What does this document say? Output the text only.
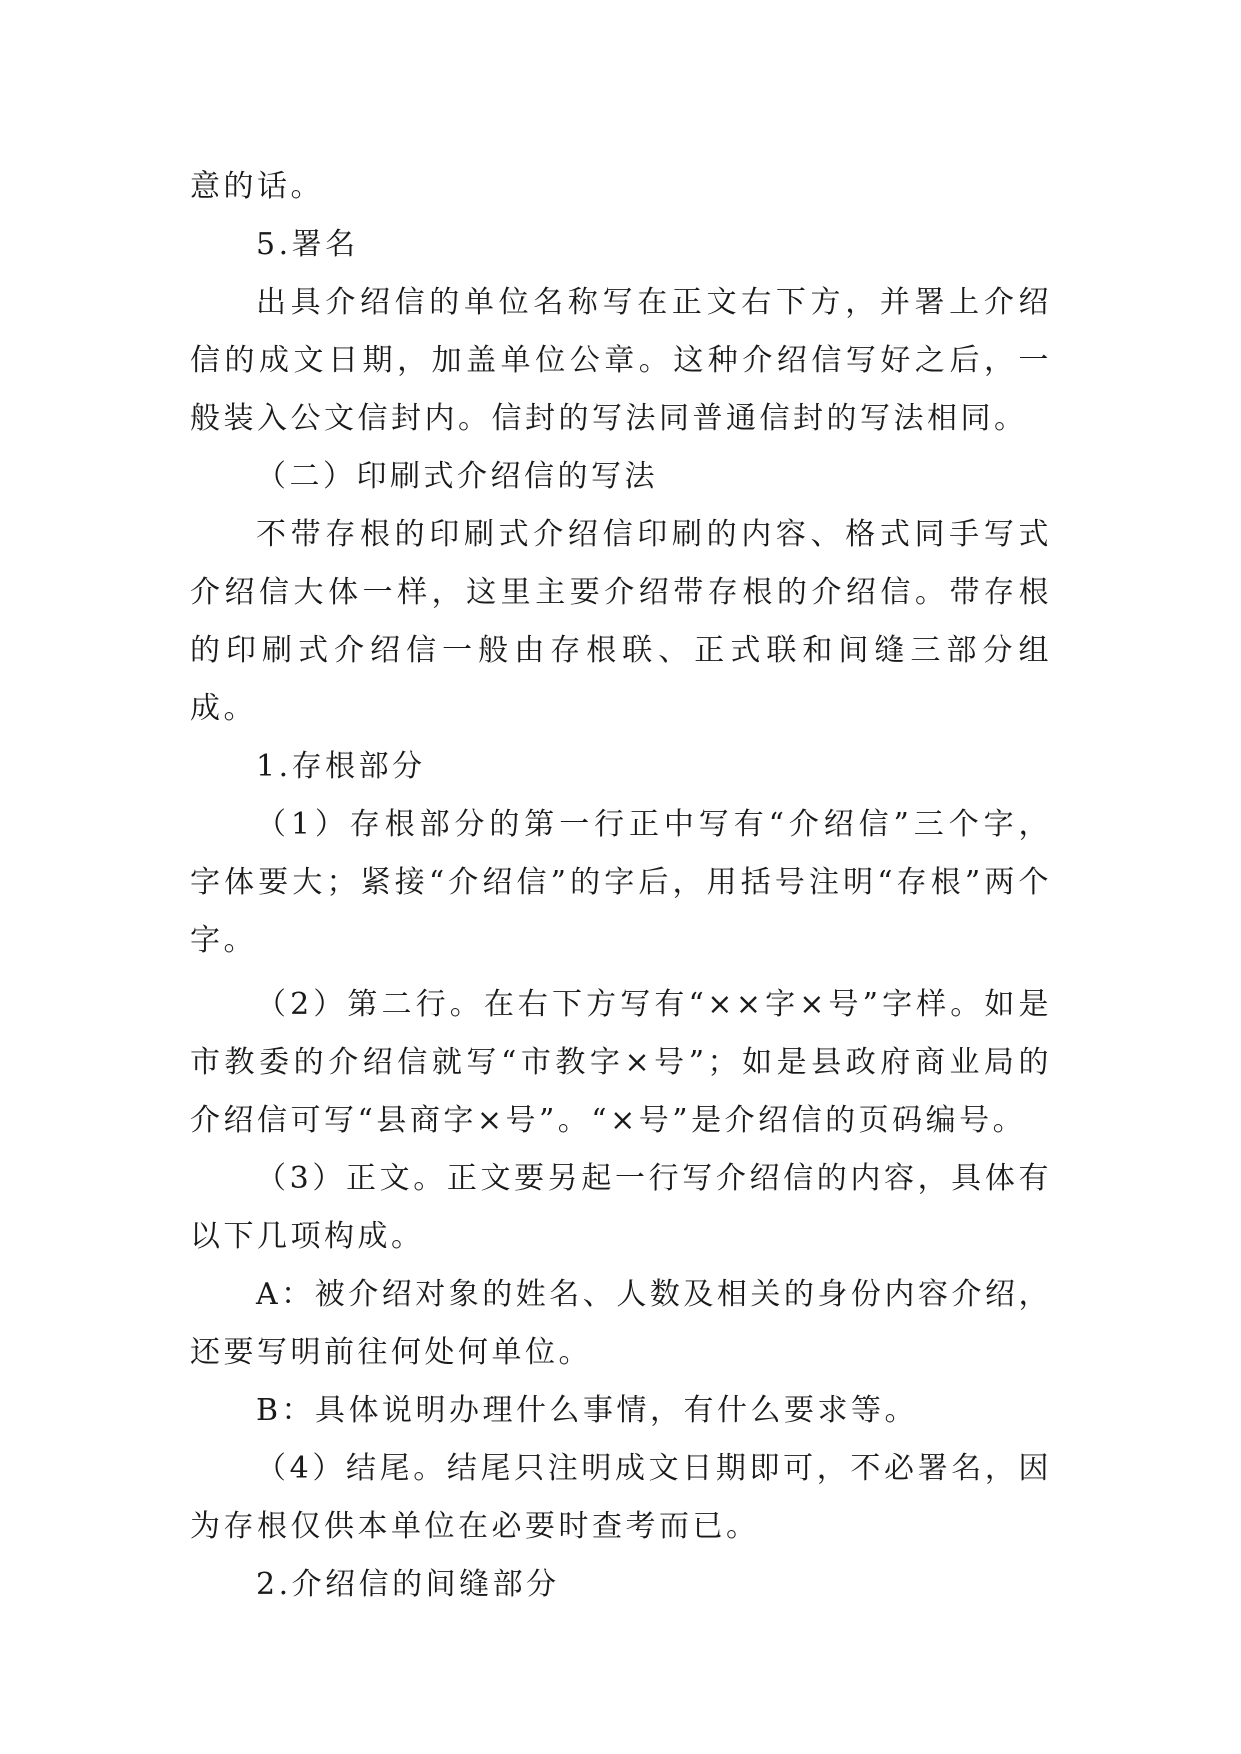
意的话。

5.署名

出具介绍信的单位名称写在正文右下方，并署上介绍信的成文日期，加盖单位公章。这种介绍信写好之后，一般装入公文信封内。信封的写法同普通信封的写法相同。

（二）印刷式介绍信的写法

不带存根的印刷式介绍信印刷的内容、格式同手写式介绍信大体一样，这里主要介绍带存根的介绍信。带存根的印刷式介绍信一般由存根联、正式联和间缝三部分组成。

1.存根部分

（1）存根部分的第一行正中写有“介绍信”三个字，字体要大；紧接“介绍信”的字后，用括号注明“存根”两个字。

（2）第二行。在右下方写有“××字×号”字样。如是市教委的介绍信就写“市教字×号”；如是县政府商业局的介绍信可写“县商字×号”。“×号”是介绍信的页码编号。

（3）正文。正文要另起一行写介绍信的内容，具体有以下几项构成。

A：被介绍对象的姓名、人数及相关的身份内容介绍，还要写明前往何处何单位。

B：具体说明办理什么事情，有什么要求等。

（4）结尾。结尾只注明成文日期即可，不必署名，因为存根仅供本单位在必要时查考而已。

2.介绍信的间缝部分
